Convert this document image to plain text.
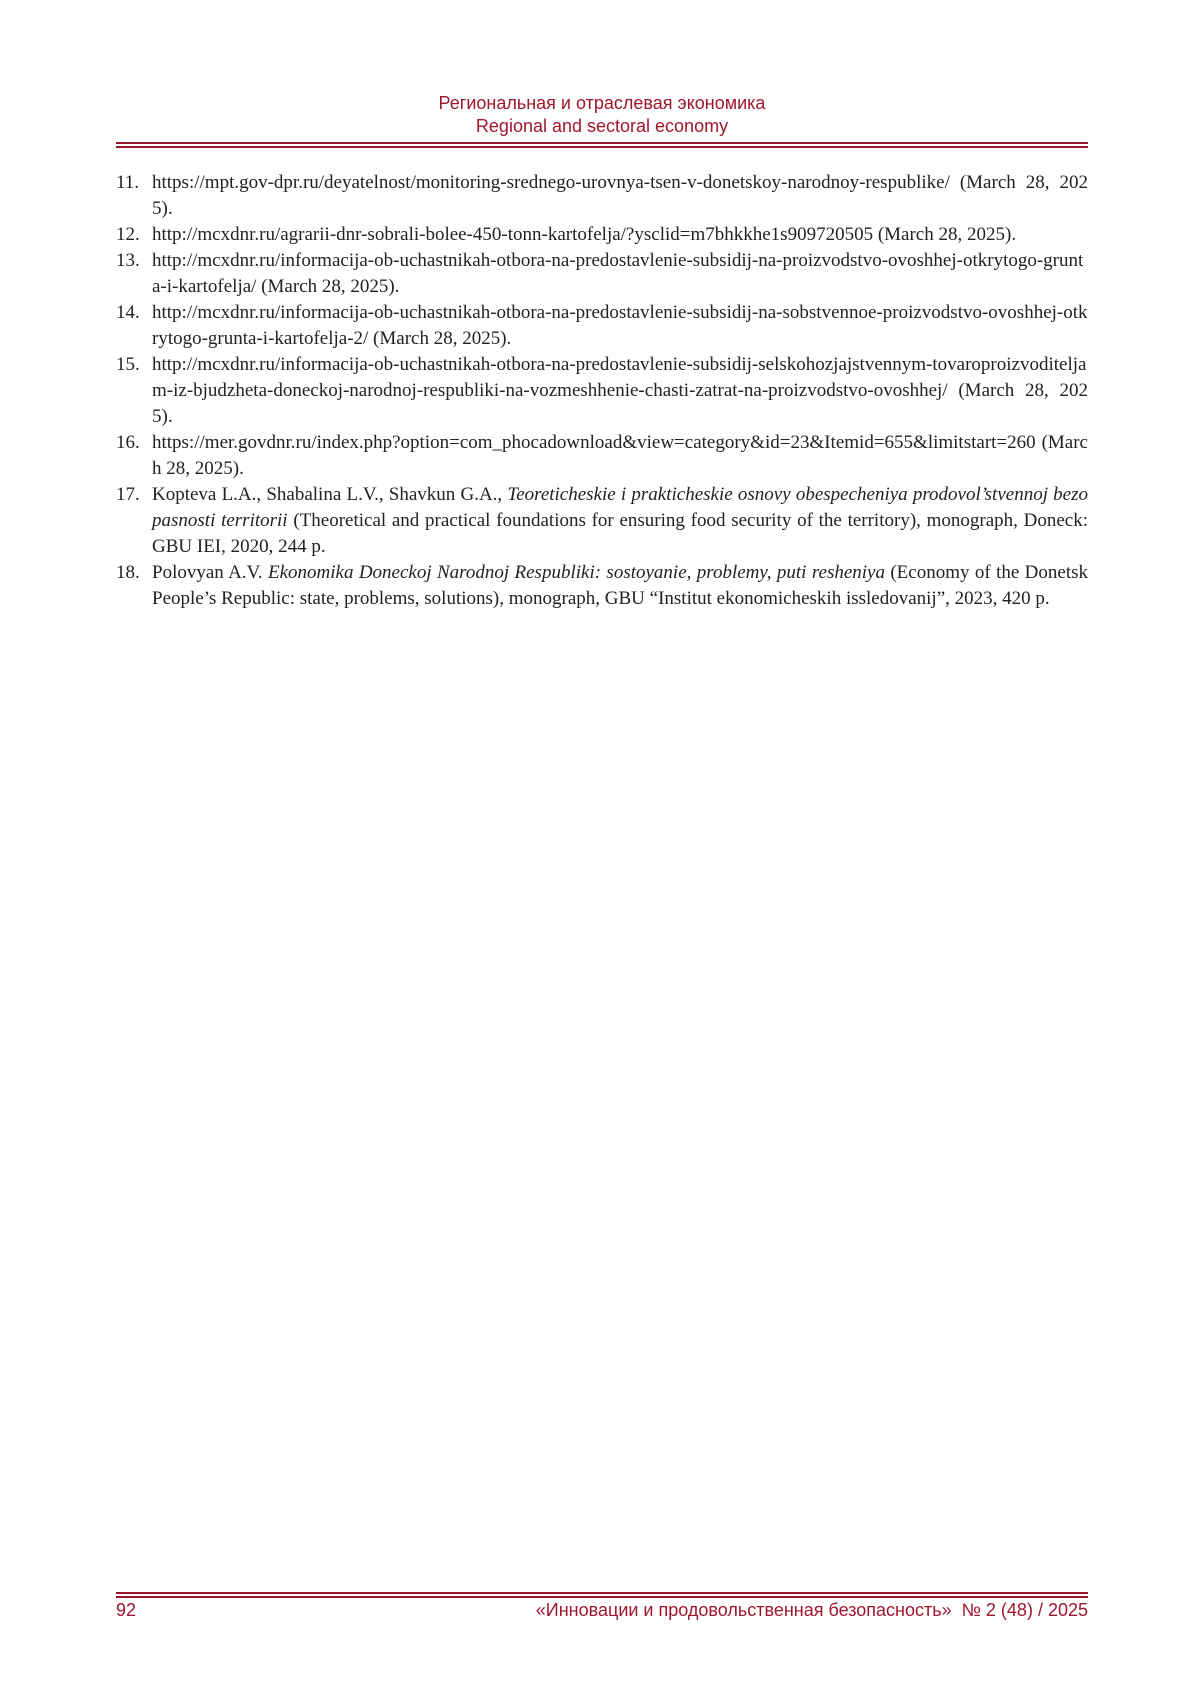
Региональная и отраслевая экономика
Regional and sectoral economy
11. https://mpt.gov-dpr.ru/deyatelnost/monitoring-srednego-urovnya-tsen-v-donetskoy-narodnoy-respublike/ (March 28, 2025).
12. http://mcxdnr.ru/agrarii-dnr-sobrali-bolee-450-tonn-kartofelja/?ysclid=m7bhkkhe1s909720505 (March 28, 2025).
13. http://mcxdnr.ru/informacija-ob-uchastnikah-otbora-na-predostavlenie-subsidij-na-proizvodstvo-ovoshhej-otkrytogo-grunta-i-kartofelja/ (March 28, 2025).
14. http://mcxdnr.ru/informacija-ob-uchastnikah-otbora-na-predostavlenie-subsidij-na-sobstvennoe-proizvodstvo-ovoshhej-otkrytogo-grunta-i-kartofelja-2/ (March 28, 2025).
15. http://mcxdnr.ru/informacija-ob-uchastnikah-otbora-na-predostavlenie-subsidij-selskohozjajstvennym-tovaroproizvoditeljam-iz-bjudzheta-doneckoj-narodnoj-respubliki-na-vozmeshhenie-chasti-zatrat-na-proizvodstvo-ovoshhej/ (March 28, 2025).
16. https://mer.govdnr.ru/index.php?option=com_phocadownload&view=category&id=23&Itemid=655&limitstart=260 (March 28, 2025).
17. Kopteva L.A., Shabalina L.V., Shavkun G.A., Teoreticheskie i prakticheskie osnovy obespecheniya prodovol’stvennoj bezopasnosti territorii (Theoretical and practical foundations for ensuring food security of the territory), monograph, Doneck: GBU IEI, 2020, 244 p.
18. Polovyan A.V. Ekonomika Doneckoj Narodnoj Respubliki: sostoyanie, problemy, puti resheniya (Economy of the Donetsk People’s Republic: state, problems, solutions), monograph, GBU “Institut ekonomicheskih issledovanij”, 2023, 420 p.
92	«Инновации и продовольственная безопасность»  № 2 (48) / 2025
